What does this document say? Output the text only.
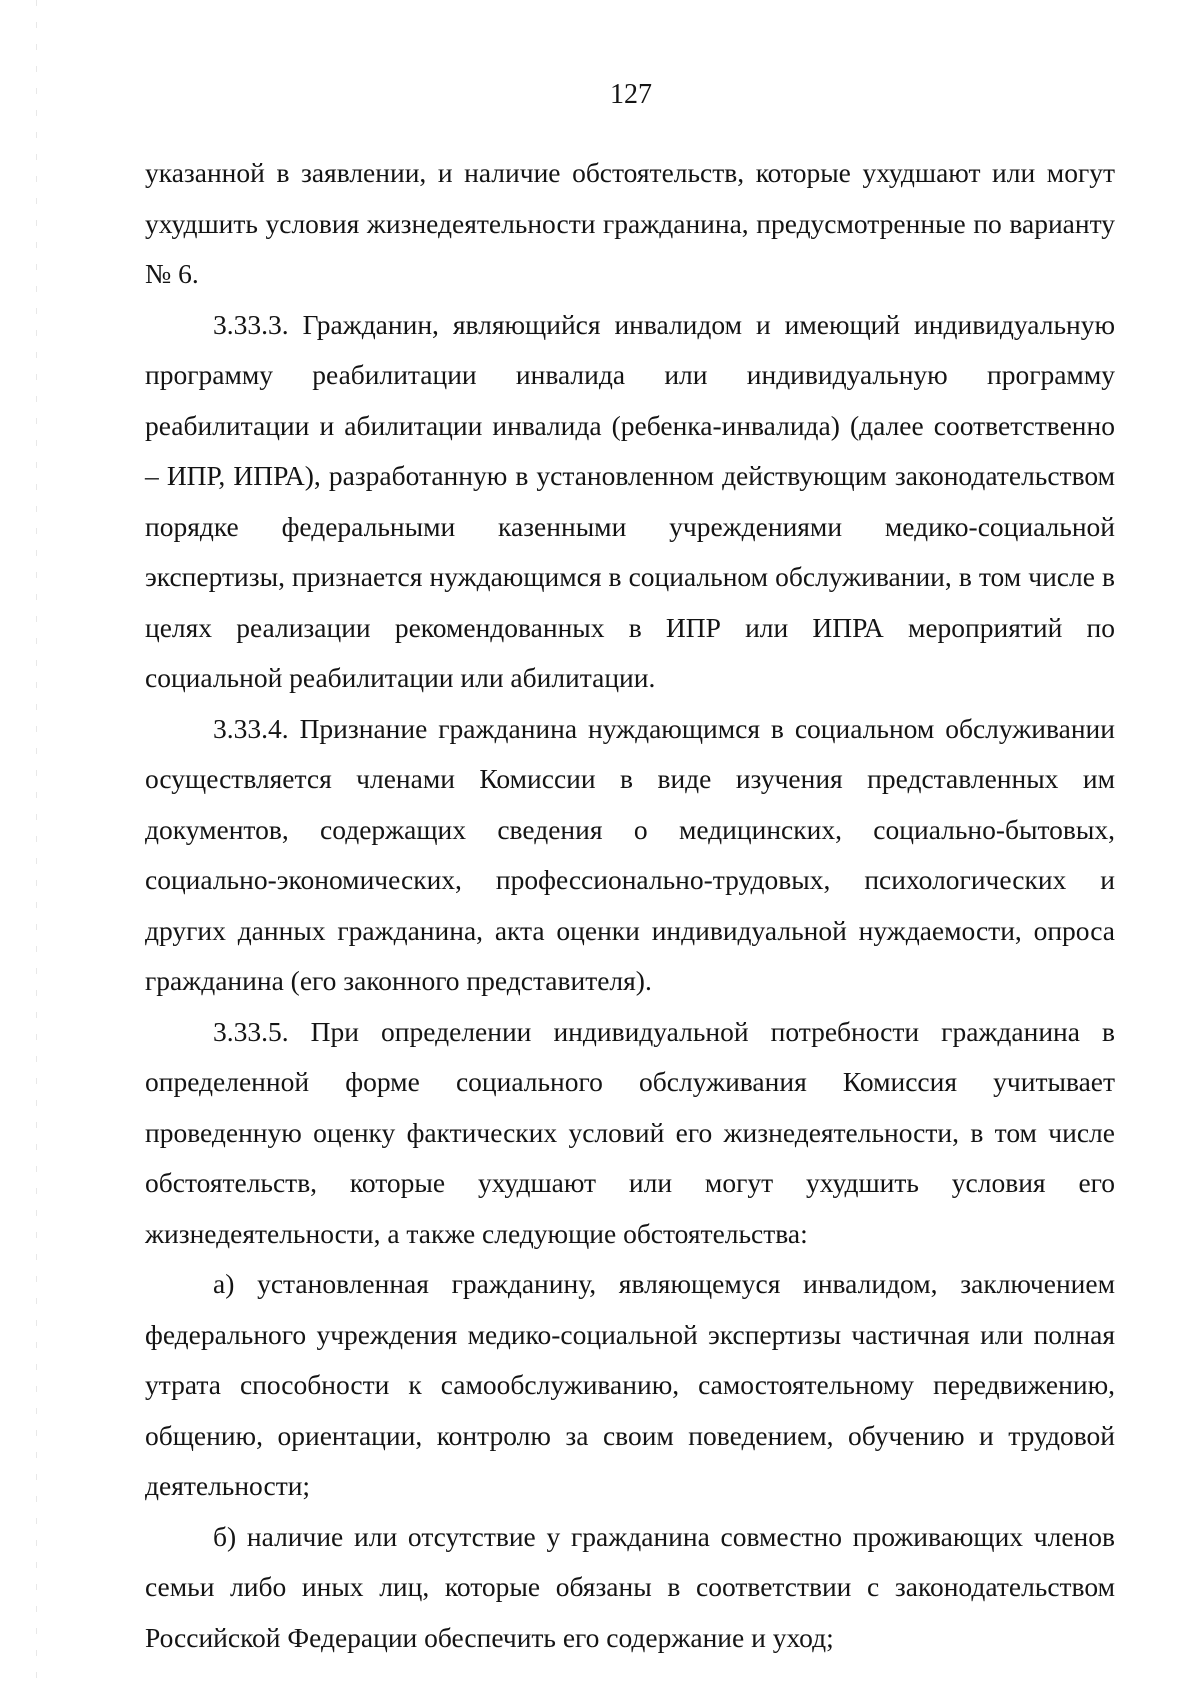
127

указанной в заявлении, и наличие обстоятельств, которые ухудшают или могут ухудшить условия жизнедеятельности гражданина, предусмотренные по варианту № 6.

3.33.3. Гражданин, являющийся инвалидом и имеющий индивидуальную программу реабилитации инвалида или индивидуальную программу реабилитации и абилитации инвалида (ребенка-инвалида) (далее соответственно – ИПР, ИПРА), разработанную в установленном действующим законодательством порядке федеральными казенными учреждениями медико-социальной экспертизы, признается нуждающимся в социальном обслуживании, в том числе в целях реализации рекомендованных в ИПР или ИПРА мероприятий по социальной реабилитации или абилитации.

3.33.4. Признание гражданина нуждающимся в социальном обслуживании осуществляется членами Комиссии в виде изучения представленных им документов, содержащих сведения о медицинских, социально-бытовых, социально-экономических, профессионально-трудовых, психологических и других данных гражданина, акта оценки индивидуальной нуждаемости, опроса гражданина (его законного представителя).

3.33.5. При определении индивидуальной потребности гражданина в определенной форме социального обслуживания Комиссия учитывает проведенную оценку фактических условий его жизнедеятельности, в том числе обстоятельств, которые ухудшают или могут ухудшить условия его жизнедеятельности, а также следующие обстоятельства:

а) установленная гражданину, являющемуся инвалидом, заключением федерального учреждения медико-социальной экспертизы частичная или полная утрата способности к самообслуживанию, самостоятельному передвижению, общению, ориентации, контролю за своим поведением, обучению и трудовой деятельности;

б) наличие или отсутствие у гражданина совместно проживающих членов семьи либо иных лиц, которые обязаны в соответствии с законодательством Российской Федерации обеспечить его содержание и уход;
